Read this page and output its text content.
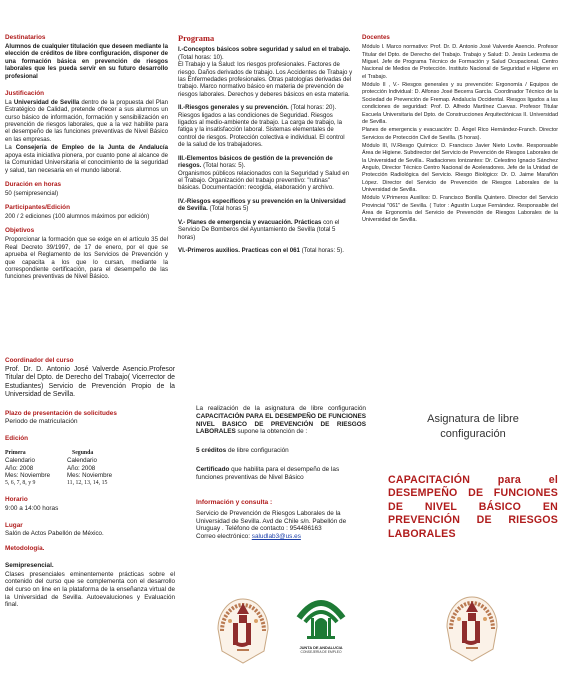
Destinatarios
Alumnos de cualquier titulación que deseen mediante la elección de créditos de libre configuración, disponer de una formación básica en prevención de riesgos laborales que les pueda servir en su futuro desarrollo profesional
Justificación
La Universidad de Sevilla dentro de la propuesta del Plan Estratégico de Calidad, pretende ofrecer a sus alumnos un curso básico de información, formación y sensibilización en prevención de riesgos laborales, que a la vez habilite para el desempeño de las funciones preventivas de Nivel Básico en las empresas.
La Consejería de Empleo de la Junta de Andalucía apoya esta iniciativa pionera, por cuanto pone al alcance de la Comunidad Universitaria el conocimiento de la seguridad y salud, tan necesaria en el mundo laboral.
Duración en horas
50 (semipresencial)
Participantes/Edición
200 / 2 ediciones (100 alumnos máximos por edición)
Objetivos
Proporcionar la formación que se exige en el artículo 35 del Real Decreto 39/1997, de 17 de enero, por el que se aprueba el Reglamento de los Servicios de Prevención y que capacita a los que lo cursan, mediante la correspondiente certificación, para el desempeño de las funciones preventivas de Nivel Básico.
Programa
I.-Conceptos básicos sobre seguridad y salud en el trabajo. (Total horas: 10).
El Trabajo y la Salud: los riesgos profesionales. Factores de riesgo. Daños derivados de trabajo. Los Accidentes de Trabajo y las Enfermedades profesionales. Otras patologías derivadas del trabajo. Marco normativo básico en materia de prevención de riesgos laborales. Derechos y deberes básicos en esta materia.
II.-Riesgos generales y su prevención. (Total horas: 20).
Riesgos ligados a las condiciones de Seguridad. Riesgos ligados al medio-ambiente de trabajo. La carga de trabajo, la fatiga y la insatisfacción laboral. Sistemas elementales de control de riesgos. Protección colectiva e individual. El control de la salud de los trabajadores.
III.-Elementos básicos de gestión de la prevención de riesgos. (Total horas: 5).
Organismos públicos relacionados con la Seguridad y Salud en el Trabajo. Organización del trabajo preventivo: "rutinas" básicas. Documentación: recogida, elaboración y archivo.
IV.-Riesgos específicos y su prevención en la Universidad de Sevilla. (Total horas 5)
V.- Planes de emergencia y evacuación. Prácticas con el Servicio De Bomberos del Ayuntamiento de Sevilla (total 5 horas)
VI.-Primeros auxilios. Practicas con el 061 (Total horas: 5).
Docentes
Módulo I. Marco normativo: Prof. Dr. D. Antonio José Valverde Asencio. Profesor Titular del Dpto. de Derecho del Trabajo. Trabajo y Salud: D. Jesús Ledesma de Miguel. Jefe de Programa Técnico de Formación y Salud Ocupacional. Centro Nacional de Medios de Protección. Instituto Nacional de Seguridad e Higiene en el Trabajo.
Módulo II , V.- Riesgos generales y su prevención: Ergonomía / Equipos de protección Individual: D. Alfonso José Becerra García. Coordinador Técnico de la Sociedad de Prevención de Fremap. Andalucía Occidental. Riesgos ligados a las condiciones de seguridad: Prof. D. Alfredo Martínez Cuevas. Profesor Titular Escuela Universitaria del Dpto. de Construcciones Arquitectónicas II. Universidad de Sevilla.
Planes de emergencia y evacuación: D. Ángel Rico Hernández-Franch. Director Servicios de Protección Civil de Sevilla. (5 horas).
Módulo III, IV.Riesgo Químico: D. Francisco Javier Nieto Lovite. Responsable Área de Higiene. Subdirector del Servicio de Prevención de Riesgos Laborales de la Universidad de Sevilla.. Radiaciones Ionizantes: Dr. Celestino Ignacio Sánchez Angulo, Director Técnico Centro Nacional de Aceleradores. Jefe de la Unidad de Protección Radiológica del Servicio. Riesgo Biológico: Dr. D. Jaime Marañón López. Director del Servicio de Prevención de Riesgos Laborales de la Universidad de Sevilla.
Módulo V.Primeros Auxilios: D. Francisco Bonilla Quintero. Director del Servicio Provincial "061" de Sevilla. ( Tutor : Agustín Luque Fernández. Responsable del Área de Ergonomía del Servicio de Prevención de Riesgos Laborales de la Universidad de Sevilla.
Coordinador del curso
Prof. Dr. D. Antonio José Valverde Asencio.Profesor Titular del Dpto. de Derecho del Trabajo( Vicerrector de Estudiantes) Servicio de Prevención Propio de la Universidad de Sevilla.
Plazo de presentación de solicitudes
Periodo de matriculación
Edición
Primera
Calendario
Año: 2008
Mes: Noviembre
5, 6, 7, 8, y 9
Segunda
Calendario
Año: 2008
Mes: Noviembre
11, 12, 13, 14, 15
Horario
9:00 a 14:00 horas
Lugar
Salón de Actos Pabellón de México.
Metodología.
Semipresencial.
Clases presenciales eminentemente prácticas sobre el contenido del curso que se complementa con el desarrollo del curso on line en la plataforma de la enseñanza virtual de la Universidad de Sevilla. Autoevaluciones y Evaluación final.
La realización de la asignatura de libre configuración CAPACITACIÓN PARA EL DESEMPEÑO DE FUNCIONES NIVEL BASICO DE PREVENCIÓN DE RIESGOS LABORALES supone la obtención de :
5 créditos de libre configuración
Certificado que habilita para el desempeño de las funciones preventivas de Nivel Básico
Información y consulta :
Servicio de Prevención de Riesgos Laborales de la Universidad de Sevilla. Avd de Chile s/n. Pabellón de Uruguay . Teléfono de contacto : 954486163
Correo electrónico: saludlab3@us.es
Asignatura de libre
configuración
CAPACITACIÓN para el
DESEMPEÑO DE FUNCIONES
DE NIVEL BÁSICO EN
PREVENCIÓN DE RIESGOS
LABORALES
JUNTA DE ANDALUCIA
CONSEJERÍA DE EMPLEO
